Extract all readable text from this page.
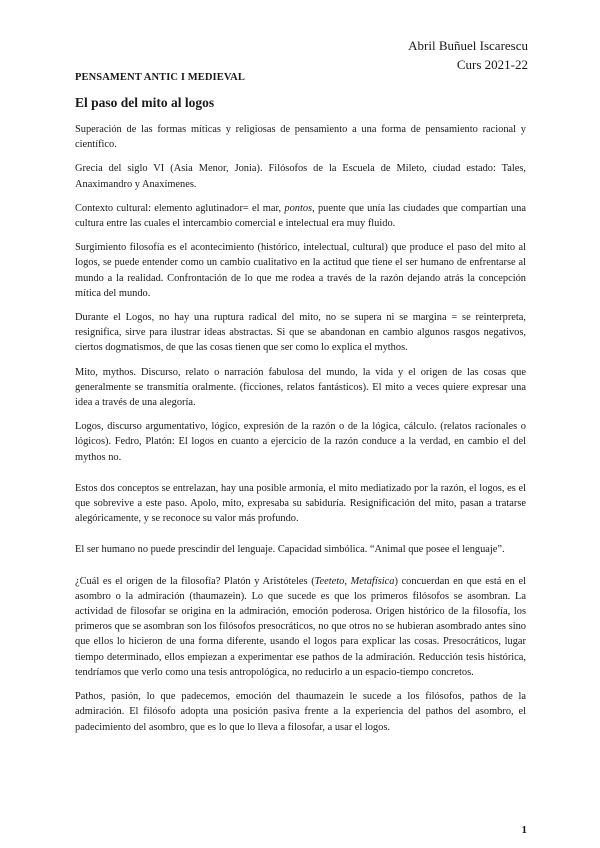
Abril Buñuel Iscarescu
Curs 2021-22
PENSAMENT ANTIC I MEDIEVAL
El paso del mito al logos

Superación de las formas míticas y religiosas de pensamiento a una forma de pensamiento racional y científico.

Grecia del siglo VI (Asia Menor, Jonia). Filósofos de la Escuela de Mileto, ciudad estado: Tales, Anaximandro y Anaxímenes.

Contexto cultural: elemento aglutinador= el mar, pontos, puente que unía las ciudades que compartían una cultura entre las cuales el intercambio comercial e intelectual era muy fluido.

Surgimiento filosofía es el acontecimiento (histórico, intelectual, cultural) que produce el paso del mito al logos, se puede entender como un cambio cualitativo en la actitud que tiene el ser humano de enfrentarse al mundo a la realidad. Confrontación de lo que me rodea a través de la razón dejando atrás la concepción mítica del mundo.

Durante el Logos, no hay una ruptura radical del mito, no se supera ni se margina = se reinterpreta, resignifica, sirve para ilustrar ideas abstractas. Si que se abandonan en cambio algunos rasgos negativos, ciertos dogmatismos, de que las cosas tienen que ser como lo explica el mythos.

Mito, mythos. Discurso, relato o narración fabulosa del mundo, la vida y el origen de las cosas que generalmente se transmitía oralmente. (ficciones, relatos fantásticos). El mito a veces quiere expresar una idea a través de una alegoría.

Logos, discurso argumentativo, lógico, expresión de la razón o de la lógica, cálculo. (relatos racionales o lógicos). Fedro, Platón: El logos en cuanto a ejercicio de la razón conduce a la verdad, en cambio el del mythos no.

Estos dos conceptos se entrelazan, hay una posible armonía, el mito mediatizado por la razón, el logos, es el que sobrevive a este paso. Apolo, mito, expresaba su sabiduría. Resignificación del mito, pasan a tratarse alegóricamente, y se reconoce su valor más profundo.

El ser humano no puede prescindir del lenguaje. Capacidad simbólica. “Animal que posee el lenguaje”.

¿Cuál es el origen de la filosofía? Platón y Aristóteles (Teeteto, Metafísica) concuerdan en que está en el asombro o la admiración (thaumazein). Lo que sucede es que los primeros filósofos se asombran. La actividad de filosofar se origina en la admiración, emoción poderosa. Origen histórico de la filosofía, los primeros que se asombran son los filósofos presocráticos, no que otros no se hubieran asombrado antes sino que ellos lo hicieron de una forma diferente, usando el logos para explicar las cosas. Presocráticos, lugar tiempo determinado, ellos empiezan a experimentar ese pathos de la admiración. Reducción tesis histórica, tendríamos que verlo como una tesis antropológica, no reducirlo a un espacio-tiempo concretos.

Pathos, pasión, lo que padecemos, emoción del thaumazein le sucede a los filósofos, pathos de la admiración. El filósofo adopta una posición pasiva frente a la experiencia del pathos del asombro, el padecimiento del asombro, que es lo que lo lleva a filosofar, a usar el logos.

1
